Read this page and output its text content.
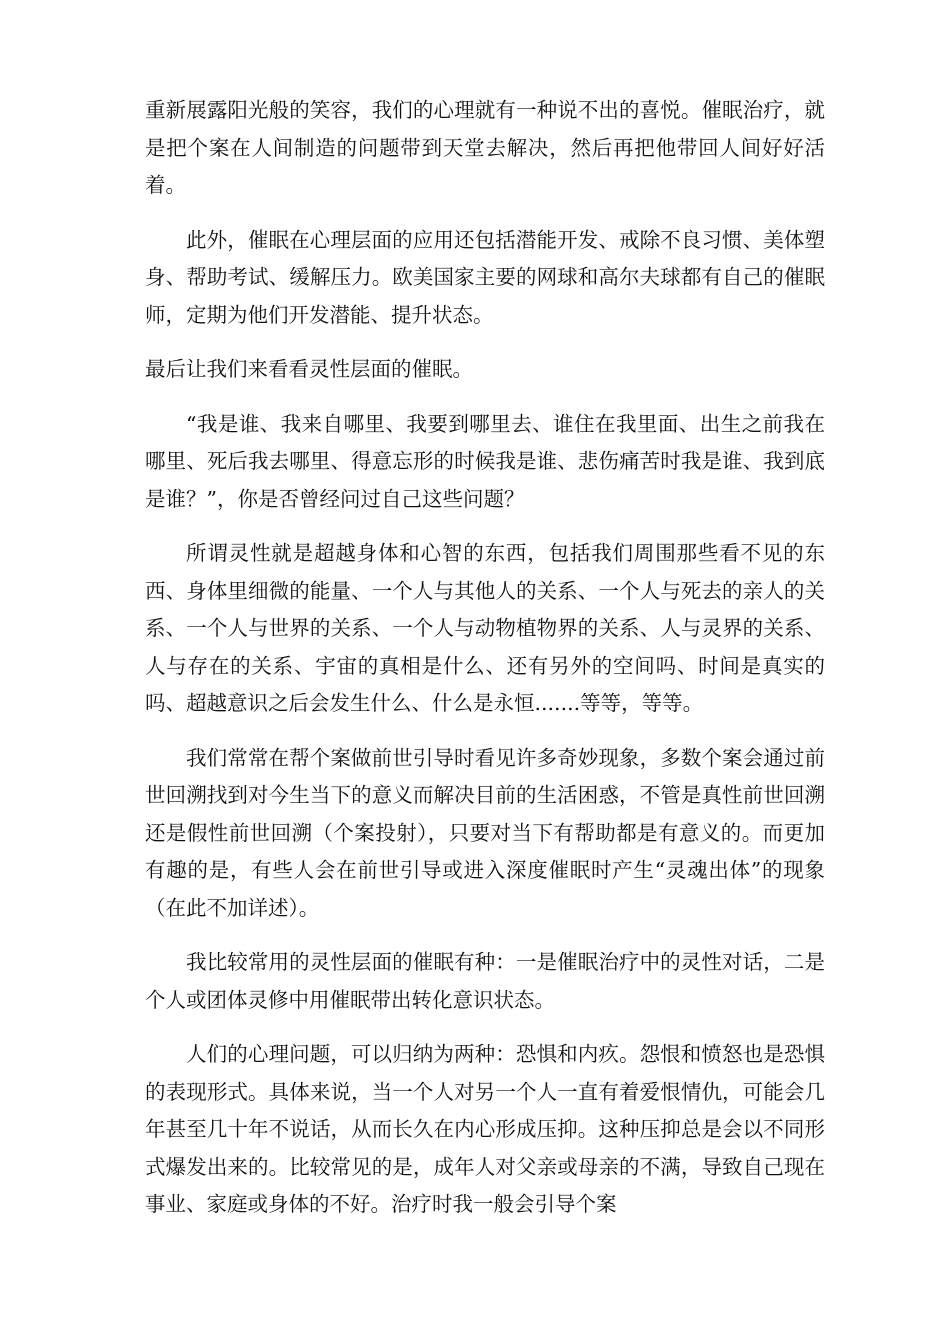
重新展露阳光般的笑容，我们的心理就有一种说不出的喜悦。催眠治疗，就是把个案在人间制造的问题带到天堂去解决，然后再把他带回人间好好活着。

此外，催眠在心理层面的应用还包括潜能开发、戒除不良习惯、美体塑身、帮助考试、缓解压力。欧美国家主要的网球和高尔夫球都有自己的催眠师，定期为他们开发潜能、提升状态。

最后让我们来看看灵性层面的催眠。

“我是谁、我来自哪里、我要到哪里去、谁住在我里面、出生之前我在哪里、死后我去哪里、得意忘形的时候我是谁、悲伤痛苦时我是谁、我到底是谁？”，你是否曾经问过自己这些问题？

所谓灵性就是超越身体和心智的东西，包括我们周围那些看不见的东西、身体里细微的能量、一个人与其他人的关系、一个人与死去的亲人的关系、一个人与世界的关系、一个人与动物植物界的关系、人与灵界的关系、人与存在的关系、宇宙的真相是什么、还有另外的空间吗、时间是真实的吗、超越意识之后会发生什么、什么是永恒.......等等，等等。

我们常常在帮个案做前世引导时看见许多奇妙现象，多数个案会通过前世回溯找到对今生当下的意义而解决目前的生活困惑，不管是真性前世回溯还是假性前世回溯（个案投射），只要对当下有帮助都是有意义的。而更加有趣的是，有些人会在前世引导或进入深度催眠时产生“灵魂出体”的现象（在此不加详述）。

我比较常用的灵性层面的催眠有种：一是催眠治疗中的灵性对话，二是个人或团体灵修中用催眠带出转化意识状态。

人们的心理问题，可以归纳为两种：恐惧和内疚。怨恨和愤怒也是恐惧的表现形式。具体来说，当一个人对另一个人一直有着爱恨情仇，可能会几年甚至几十年不说话，从而长久在内心形成压抑。这种压抑总是会以不同形式爆发出来的。比较常见的是，成年人对父亲或母亲的不满，导致自己现在事业、家庭或身体的不好。治疗时我一般会引导个案
